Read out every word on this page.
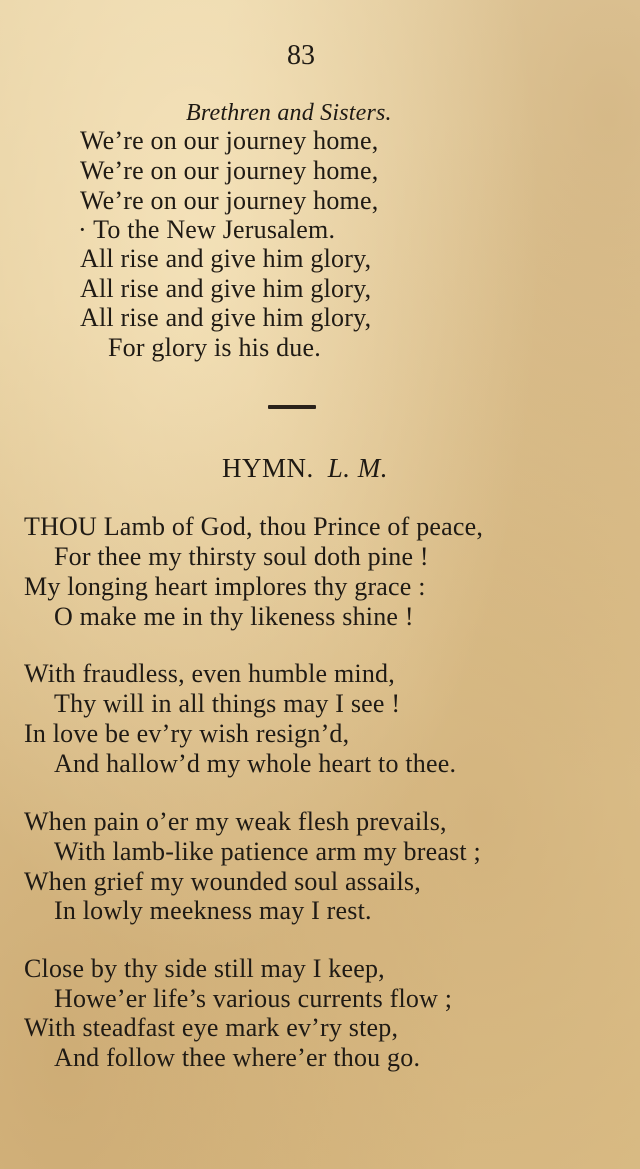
83
Brethren and Sisters.
We’re on our journey home,
We’re on our journey home,
We’re on our journey home,
· To the New Jerusalem.
All rise and give him glory,
All rise and give him glory,
All rise and give him glory,
For glory is his due.
HYMN. L. M.
THOU Lamb of God, thou Prince of peace,
For thee my thirsty soul doth pine !
My longing heart implores thy grace :
O make me in thy likeness shine !
With fraudless, even humble mind,
Thy will in all things may I see !
In love be ev’ry wish resign’d,
And hallow’d my whole heart to thee.
When pain o’er my weak flesh prevails,
With lamb-like patience arm my breast ;
When grief my wounded soul assails,
In lowly meekness may I rest.
Close by thy side still may I keep,
Howe’er life’s various currents flow ;
With steadfast eye mark ev’ry step,
And follow thee where’er thou go.
